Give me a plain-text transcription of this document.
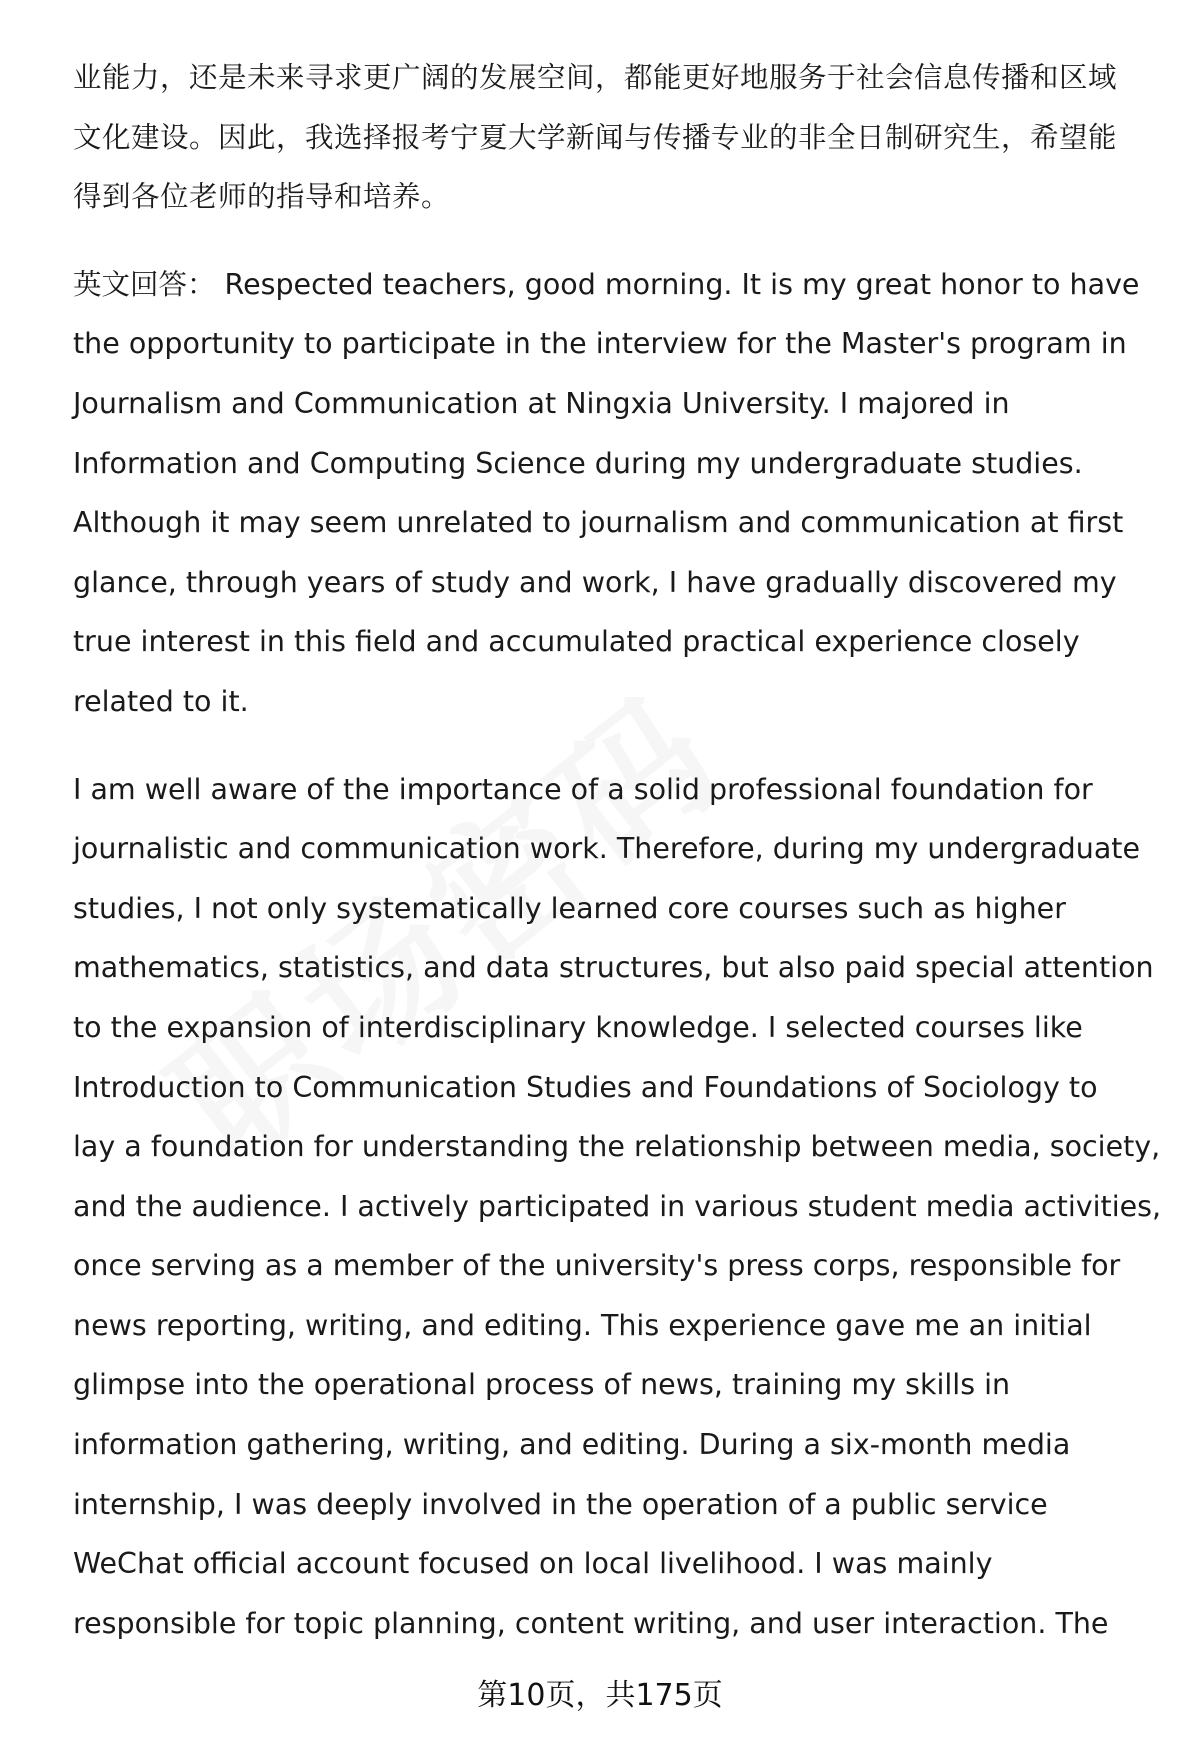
业能力，还是未来寻求更广阔的发展空间，都能更好地服务于社会信息传播和区域
文化建设。因此，我选择报考宁夏大学新闻与传播专业的非全日制研究生，希望能
得到各位老师的指导和培养。

英文回答： Respected teachers, good morning. It is my great honor to have
the opportunity to participate in the interview for the Master's program in
Journalism and Communication at Ningxia University. I majored in
Information and Computing Science during my undergraduate studies.
Although it may seem unrelated to journalism and communication at first
glance, through years of study and work, I have gradually discovered my
true interest in this field and accumulated practical experience closely
related to it.

I am well aware of the importance of a solid professional foundation for
journalistic and communication work. Therefore, during my undergraduate
studies, I not only systematically learned core courses such as higher
mathematics, statistics, and data structures, but also paid special attention
to the expansion of interdisciplinary knowledge. I selected courses like
Introduction to Communication Studies and Foundations of Sociology to
lay a foundation for understanding the relationship between media, society,
and the audience. I actively participated in various student media activities,
once serving as a member of the university's press corps, responsible for
news reporting, writing, and editing. This experience gave me an initial
glimpse into the operational process of news, training my skills in
information gathering, writing, and editing. During a six-month media
internship, I was deeply involved in the operation of a public service
WeChat official account focused on local livelihood. I was mainly
responsible for topic planning, content writing, and user interaction. The

第10页，共175页
